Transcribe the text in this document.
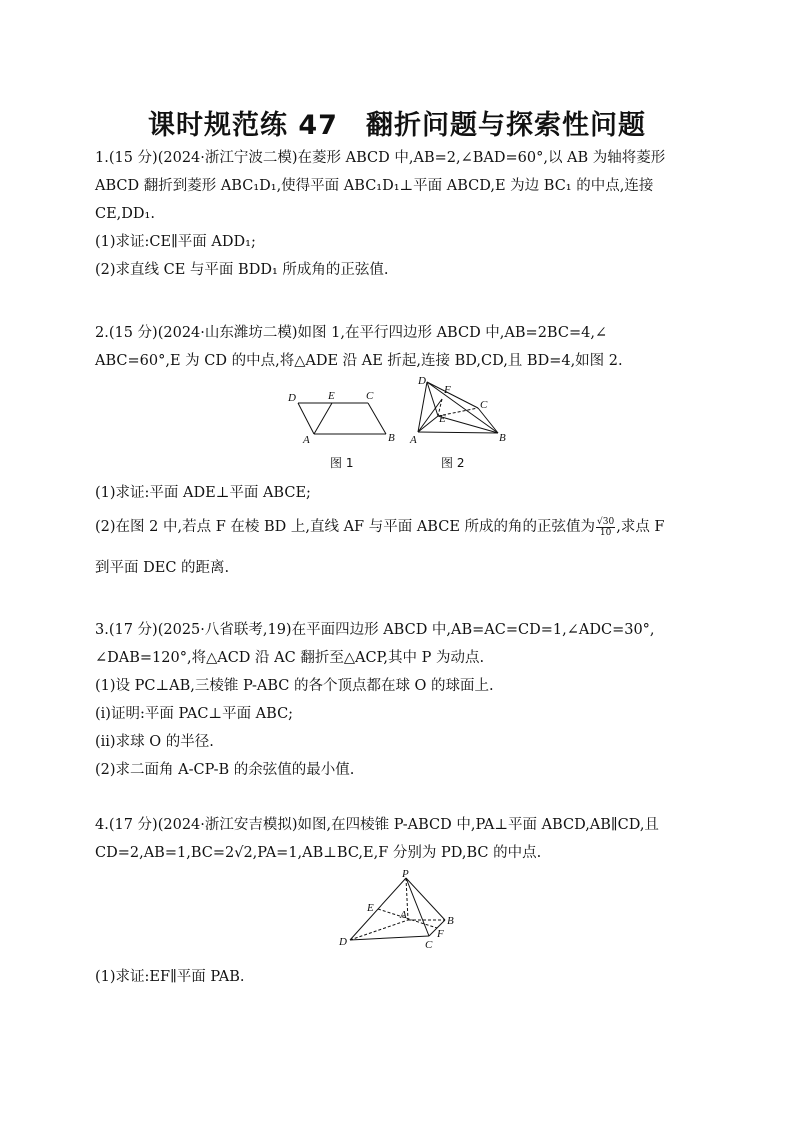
课时规范练 47　翻折问题与探索性问题
1.(15 分)(2024·浙江宁波二模)在菱形 ABCD 中,AB=2,∠BAD=60°,以 AB 为轴将菱形
ABCD 翻折到菱形 ABC₁D₁,使得平面 ABC₁D₁⊥平面 ABCD,E 为边 BC₁ 的中点,连接
CE,DD₁.
(1)求证:CE∥平面 ADD₁;
(2)求直线 CE 与平面 BDD₁ 所成角的正弦值.
2.(15 分)(2024·山东潍坊二模)如图 1,在平行四边形 ABCD 中,AB=2BC=4,∠
ABC=60°,E 为 CD 的中点,将△ADE 沿 AE 折起,连接 BD,CD,且 BD=4,如图 2.
D	E	C
A	B
图 1
D
F
C
E
A	B
图 2
(1)求证:平面 ADE⊥平面 ABCE;
(2)在图 2 中,若点 F 在棱 BD 上,直线 AF 与平面 ABCE 所成的角的正弦值为 $\frac{√30}{10}$ ,求点 F
到平面 DEC 的距离.
3.(17 分)(2025·八省联考,19)在平面四边形 ABCD 中,AB=AC=CD=1,∠ADC=30°,
∠DAB=120°,将△ACD 沿 AC 翻折至△ACP,其中 P 为动点.
(1)设 PC⊥AB,三棱锥 P-ABC 的各个顶点都在球 O 的球面上.
(ⅰ)证明:平面 PAC⊥平面 ABC;
(ⅱ)求球 O 的半径.
(2)求二面角 A-CP-B 的余弦值的最小值.
4.(17 分)(2024·浙江安吉模拟)如图,在四棱锥 P-ABCD 中,PA⊥平面 ABCD,AB∥CD,且
CD=2,AB=1,BC=2√2,PA=1,AB⊥BC,E,F 分别为 PD,BC 的中点.
P
E
A	B
F
D	C
(1)求证:EF∥平面 PAB.
